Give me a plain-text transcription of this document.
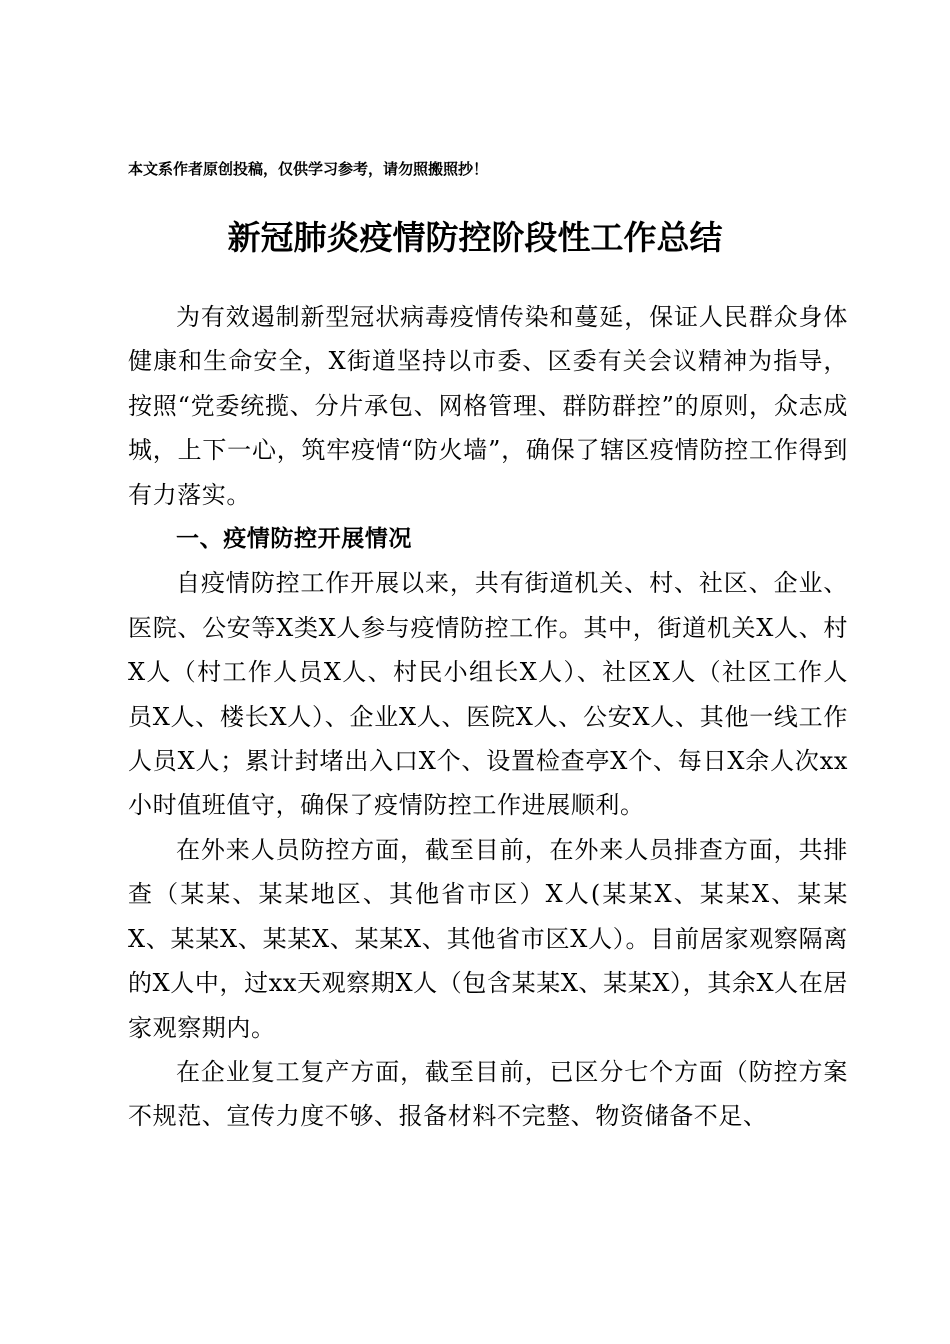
本文系作者原创投稿，仅供学习参考，请勿照搬照抄！
新冠肺炎疫情防控阶段性工作总结

为有效遏制新型冠状病毒疫情传染和蔓延，保证人民群众身体健康和生命安全，X街道坚持以市委、区委有关会议精神为指导，按照“党委统揽、分片承包、网格管理、群防群控”的原则，众志成城，上下一心，筑牢疫情“防火墙”，确保了辖区疫情防控工作得到有力落实。

一、疫情防控开展情况

自疫情防控工作开展以来，共有街道机关、村、社区、企业、医院、公安等X类X人参与疫情防控工作。其中，街道机关X人、村X人（村工作人员X人、村民小组长X人）、社区X人（社区工作人员X人、楼长X人）、企业X人、医院X人、公安X人、其他一线工作人员X人；累计封堵出入口X个、设置检查亭X个、每日X余人次xx小时值班值守，确保了疫情防控工作进展顺利。

在外来人员防控方面，截至目前，在外来人员排查方面，共排查（某某、某某地区、其他省市区）X人(某某X、某某X、某某X、某某X、某某X、某某X、其他省市区X人）。目前居家观察隔离的X人中，过xx天观察期X人（包含某某X、某某X），其余X人在居家观察期内。

在企业复工复产方面，截至目前，已区分七个方面（防控方案不规范、宣传力度不够、报备材料不完整、物资储备不足、
